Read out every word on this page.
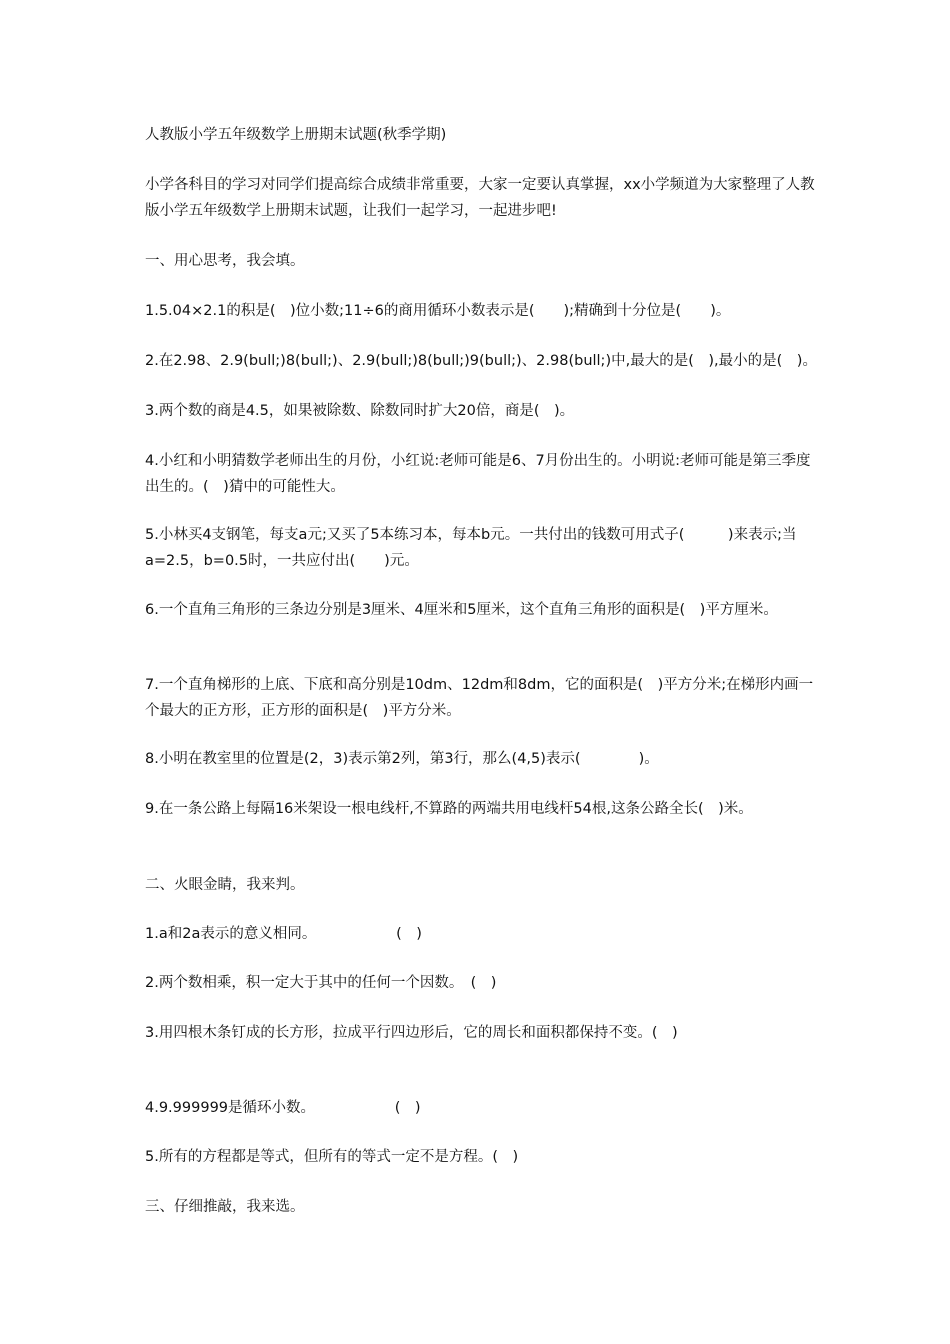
人教版小学五年级数学上册期末试题(秋季学期)
小学各科目的学习对同学们提高综合成绩非常重要，大家一定要认真掌握，xx小学频道为大家整理了人教版小学五年级数学上册期末试题，让我们一起学习，一起进步吧!
一、用心思考，我会填。
1.5.04×2.1的积是(　)位小数;11÷6的商用循环小数表示是(　　);精确到十分位是(　　)。
2.在2.98、2.9(bull;)8(bull;)、2.9(bull;)8(bull;)9(bull;)、2.98(bull;)中,最大的是(　),最小的是(　)。
3.两个数的商是4.5，如果被除数、除数同时扩大20倍，商是(　)。
4.小红和小明猜数学老师出生的月份，小红说:老师可能是6、7月份出生的。小明说:老师可能是第三季度出生的。(　)猜中的可能性大。
5.小林买4支钢笔，每支a元;又买了5本练习本，每本b元。一共付出的钱数可用式子(　　　)来表示;当a=2.5，b=0.5时，一共应付出(　　)元。
6.一个直角三角形的三条边分别是3厘米、4厘米和5厘米，这个直角三角形的面积是(　)平方厘米。
7.一个直角梯形的上底、下底和高分别是10dm、12dm和8dm，它的面积是(　)平方分米;在梯形内画一个最大的正方形，正方形的面积是(　)平方分米。
8.小明在教室里的位置是(2，3)表示第2列，第3行，那么(4,5)表示(　　　　)。
9.在一条公路上每隔16米架设一根电线杆,不算路的两端共用电线杆54根,这条公路全长(　)米。
二、火眼金睛，我来判。
1.a和2a表示的意义相同。　　　　　　(　)
2.两个数相乘，积一定大于其中的任何一个因数。　(　)
3.用四根木条钉成的长方形，拉成平行四边形后，它的周长和面积都保持不变。(　)
4.9.999999是循环小数。　　　　　　(　)
5.所有的方程都是等式，但所有的等式一定不是方程。(　)
三、仔细推敲，我来选。
